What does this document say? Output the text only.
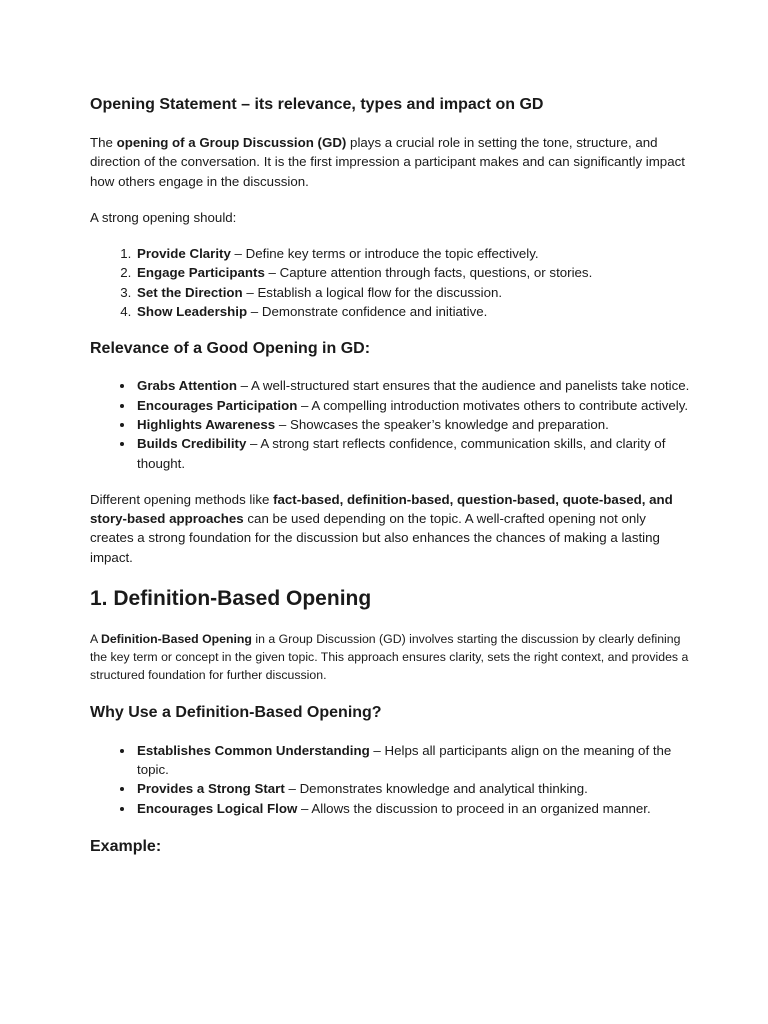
Opening Statement – its relevance, types and impact on GD

The opening of a Group Discussion (GD) plays a crucial role in setting the tone, structure, and direction of the conversation. It is the first impression a participant makes and can significantly impact how others engage in the discussion.

A strong opening should:

1. Provide Clarity – Define key terms or introduce the topic effectively.
2. Engage Participants – Capture attention through facts, questions, or stories.
3. Set the Direction – Establish a logical flow for the discussion.
4. Show Leadership – Demonstrate confidence and initiative.
Relevance of a Good Opening in GD:
• Grabs Attention – A well-structured start ensures that the audience and panelists take notice.
• Encourages Participation – A compelling introduction motivates others to contribute actively.
• Highlights Awareness – Showcases the speaker’s knowledge and preparation.
• Builds Credibility – A strong start reflects confidence, communication skills, and clarity of thought.

Different opening methods like fact-based, definition-based, question-based, quote-based, and story-based approaches can be used depending on the topic. A well-crafted opening not only creates a strong foundation for the discussion but also enhances the chances of making a lasting impact.

1. Definition-Based Opening

A Definition-Based Opening in a Group Discussion (GD) involves starting the discussion by clearly defining the key term or concept in the given topic. This approach ensures clarity, sets the right context, and provides a structured foundation for further discussion.

Why Use a Definition-Based Opening?
• Establishes Common Understanding – Helps all participants align on the meaning of the topic.
• Provides a Strong Start – Demonstrates knowledge and analytical thinking.
• Encourages Logical Flow – Allows the discussion to proceed in an organized manner.
Example:
